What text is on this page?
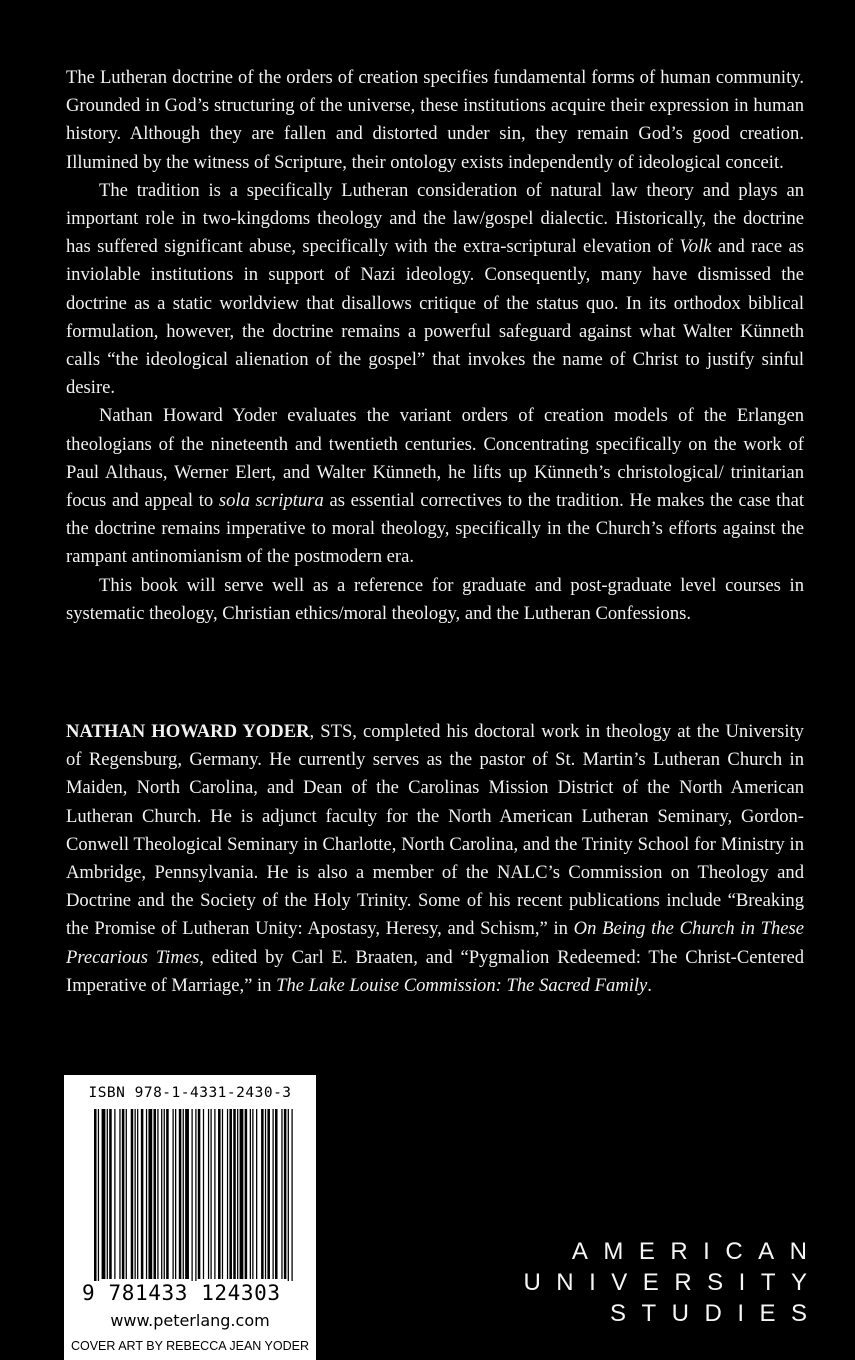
The Lutheran doctrine of the orders of creation specifies fundamental forms of human community. Grounded in God’s structuring of the universe, these institutions acquire their expression in human history. Although they are fallen and distorted under sin, they remain God’s good creation. Illumined by the witness of Scripture, their ontology exists independently of ideological conceit.

The tradition is a specifically Lutheran consideration of natural law theory and plays an important role in two-kingdoms theology and the law/gospel dialectic. Historically, the doctrine has suffered significant abuse, specifically with the extra-scriptural elevation of Volk and race as inviolable institutions in support of Nazi ideology. Consequently, many have dismissed the doctrine as a static worldview that disallows critique of the status quo. In its orthodox biblical formulation, however, the doctrine remains a powerful safeguard against what Walter Künneth calls “the ideological alienation of the gospel” that invokes the name of Christ to justify sinful desire.

Nathan Howard Yoder evaluates the variant orders of creation models of the Erlangen theologians of the nineteenth and twentieth centuries. Concentrating specifically on the work of Paul Althaus, Werner Elert, and Walter Künneth, he lifts up Künneth’s christological/ trinitarian focus and appeal to sola scriptura as essential correctives to the tradition. He makes the case that the doctrine remains imperative to moral theology, specifically in the Church’s efforts against the rampant antinomianism of the postmodern era.

This book will serve well as a reference for graduate and post-graduate level courses in systematic theology, Christian ethics/moral theology, and the Lutheran Confessions.

NATHAN HOWARD YODER, STS, completed his doctoral work in theology at the University of Regensburg, Germany. He currently serves as the pastor of St. Martin’s Lutheran Church in Maiden, North Carolina, and Dean of the Carolinas Mission District of the North American Lutheran Church. He is adjunct faculty for the North American Lutheran Seminary, Gordon-Conwell Theological Seminary in Charlotte, North Carolina, and the Trinity School for Ministry in Ambridge, Pennsylvania. He is also a member of the NALC’s Commission on Theology and Doctrine and the Society of the Holy Trinity. Some of his recent publications include “Breaking the Promise of Lutheran Unity: Apostasy, Heresy, and Schism,” in On Being the Church in These Precarious Times, edited by Carl E. Braaten, and “Pygmalion Redeemed: The Christ-Centered Imperative of Marriage,” in The Lake Louise Commission: The Sacred Family.

ISBN 978-1-4331-2430-3
9 781433 124303
www.peterlang.com
COVER ART BY REBECCA JEAN YODER
AMERICAN
UNIVERSITY
STUDIES
